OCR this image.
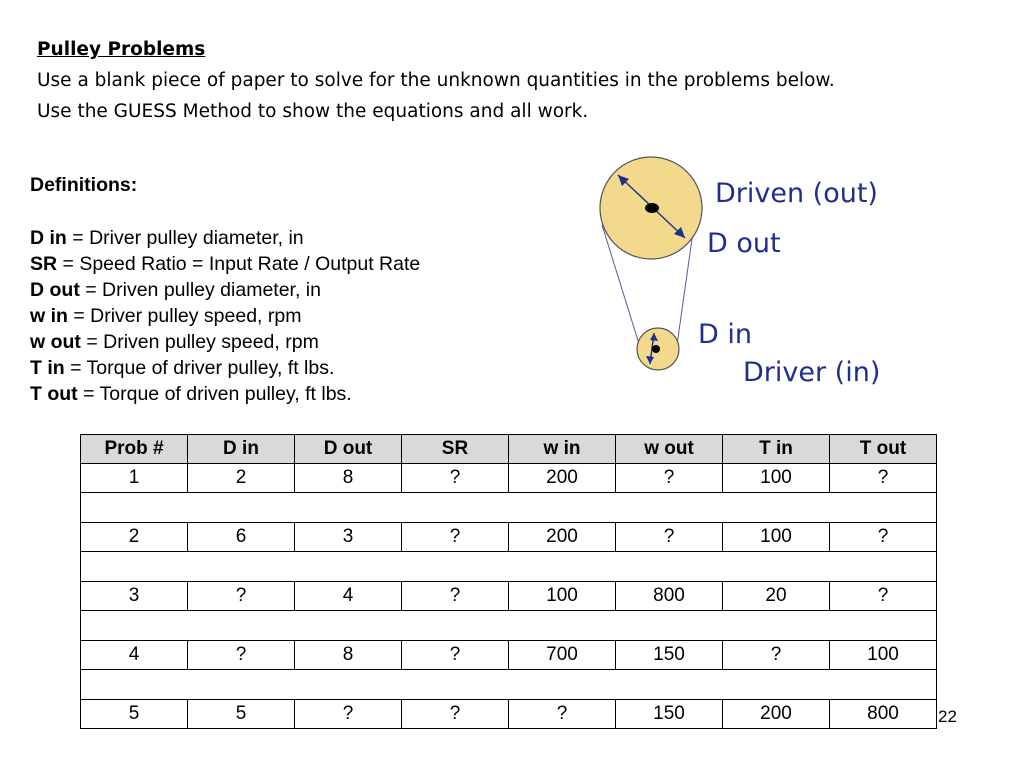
Pulley Problems
Use a blank piece of paper to solve for the unknown quantities in the problems below.
Use the GUESS Method to show the equations and all work.
Definitions:
D in = Driver pulley diameter, in
SR = Speed Ratio = Input Rate / Output Rate
D out = Driven pulley diameter, in
w in = Driver pulley speed, rpm
w out = Driven pulley speed, rpm
T in = Torque of driver pulley, ft lbs.
T out = Torque of driven pulley, ft lbs.
Driven (out)
D out
D in
Driver (in)
Prob #	D in	D out	SR	w in	w out	T in	T out
1	2	8	?	200	?	100	?

2	6	3	?	200	?	100	?

3	?	4	?	100	800	20	?

4	?	8	?	700	150	?	100

5	5	?	?	?	150	200	800 22
